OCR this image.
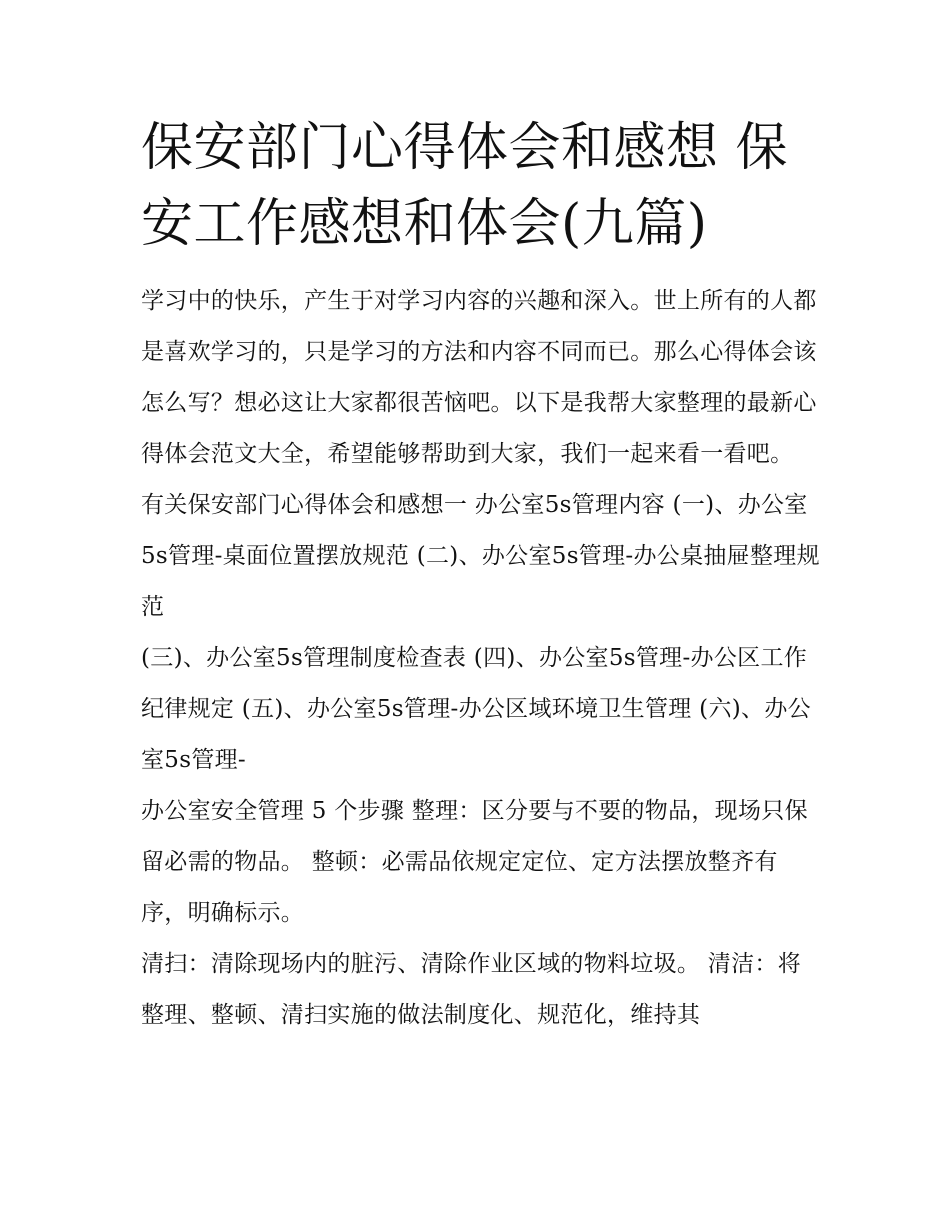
保安部门心得体会和感想 保安工作感想和体会(九篇)

学习中的快乐，产生于对学习内容的兴趣和深入。世上所有的人都是喜欢学习的，只是学习的方法和内容不同而已。那么心得体会该怎么写？想必这让大家都很苦恼吧。以下是我帮大家整理的最新心得体会范文大全，希望能够帮助到大家，我们一起来看一看吧。

有关保安部门心得体会和感想一 办公室5s管理内容 (一)、办公室5s管理-桌面位置摆放规范 (二)、办公室5s管理-办公桌抽屉整理规范

(三)、办公室5s管理制度检查表 (四)、办公室5s管理-办公区工作纪律规定 (五)、办公室5s管理-办公区域环境卫生管理 (六)、办公室5s管理-

办公室安全管理 5 个步骤 整理：区分要与不要的物品，现场只保留必需的物品。 整顿：必需品依规定定位、定方法摆放整齐有序，明确标示。

清扫：清除现场内的脏污、清除作业区域的物料垃圾。 清洁：将整理、整顿、清扫实施的做法制度化、规范化，维持其
